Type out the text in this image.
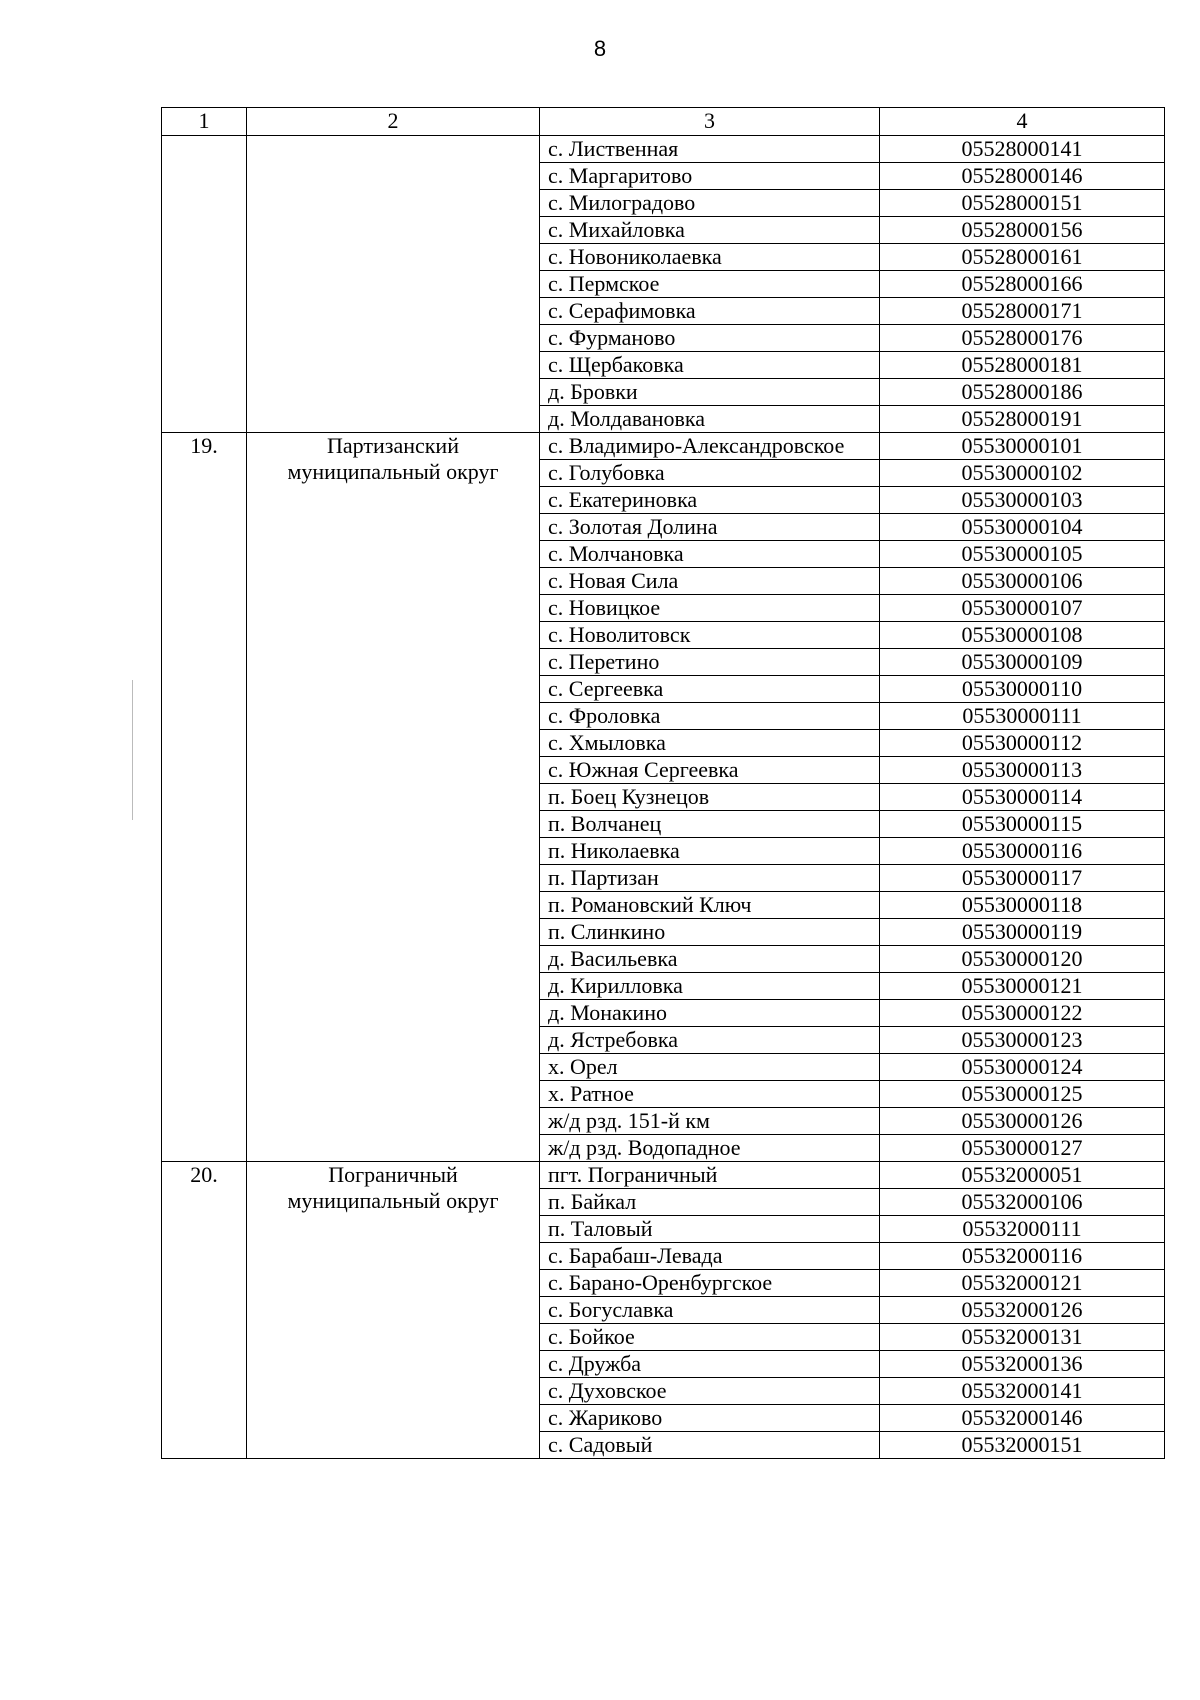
8
1	2	3	4
		с. Лиственная	05528000141
		с. Маргаритово	05528000146
		с. Милоградово	05528000151
		с. Михайловка	05528000156
		с. Новониколаевка	05528000161
		с. Пермское	05528000166
		с. Серафимовка	05528000171
		с. Фурманово	05528000176
		с. Щербаковка	05528000181
		д. Бровки	05528000186
		д. Молдавановка	05528000191
19.	Партизанский муниципальный округ	с. Владимиро-Александровское	05530000101
		с. Голубовка	05530000102
		с. Екатериновка	05530000103
		с. Золотая Долина	05530000104
		с. Молчановка	05530000105
		с. Новая Сила	05530000106
		с. Новицкое	05530000107
		с. Новолитовск	05530000108
		с. Перетино	05530000109
		с. Сергеевка	05530000110
		с. Фроловка	05530000111
		с. Хмыловка	05530000112
		с. Южная Сергеевка	05530000113
		п. Боец Кузнецов	05530000114
		п. Волчанец	05530000115
		п. Николаевка	05530000116
		п. Партизан	05530000117
		п. Романовский Ключ	05530000118
		п. Слинкино	05530000119
		д. Васильевка	05530000120
		д. Кирилловка	05530000121
		д. Монакино	05530000122
		д. Ястребовка	05530000123
		х. Орел	05530000124
		х. Ратное	05530000125
		ж/д рзд. 151-й км	05530000126
		ж/д рзд. Водопадное	05530000127
20.	Пограничный муниципальный округ	пгт. Пограничный	05532000051
		п. Байкал	05532000106
		п. Таловый	05532000111
		с. Барабаш-Левада	05532000116
		с. Барано-Оренбургское	05532000121
		с. Богуславка	05532000126
		с. Бойкое	05532000131
		с. Дружба	05532000136
		с. Духовское	05532000141
		с. Жариково	05532000146
		с. Садовый	05532000151
